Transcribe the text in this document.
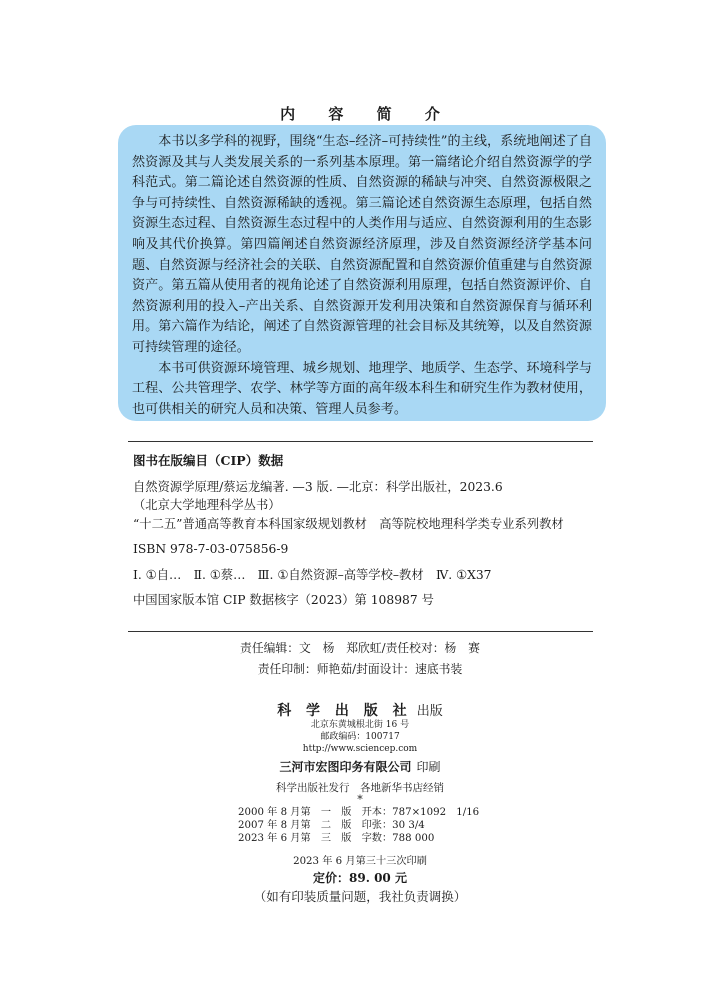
内 容 简 介

本书以多学科的视野，围绕“生态–经济–可持续性”的主线，系统地阐述了自然资源及其与人类发展关系的一系列基本原理。第一篇绪论介绍自然资源学的学科范式。第二篇论述自然资源的性质、自然资源的稀缺与冲突、自然资源极限之争与可持续性、自然资源稀缺的透视。第三篇论述自然资源生态原理，包括自然资源生态过程、自然资源生态过程中的人类作用与适应、自然资源利用的生态影响及其代价换算。第四篇阐述自然资源经济原理，涉及自然资源经济学基本问题、自然资源与经济社会的关联、自然资源配置和自然资源价值重建与自然资源资产。第五篇从使用者的视角论述了自然资源利用原理，包括自然资源评价、自然资源利用的投入–产出关系、自然资源开发利用决策和自然资源保育与循环利用。第六篇作为结论，阐述了自然资源管理的社会目标及其统筹，以及自然资源可持续管理的途径。

本书可供资源环境管理、城乡规划、地理学、地质学、生态学、环境科学与工程、公共管理学、农学、林学等方面的高年级本科生和研究生作为教材使用，也可供相关的研究人员和决策、管理人员参考。

图书在版编目（CIP）数据

自然资源学原理/蔡运龙编著. —3 版. —北京：科学出版社，2023.6

（北京大学地理科学丛书）

“十二五”普通高等教育本科国家级规划教材　高等院校地理科学类专业系列教材

ISBN 978-7-03-075856-9

Ⅰ. ①自…　Ⅱ. ①蔡…　Ⅲ. ①自然资源–高等学校–教材　Ⅳ. ①X37

中国国家版本馆 CIP 数据核字（2023）第 108987 号

责任编辑：文　杨　郑欣虹/责任校对：杨　赛
责任印制：师艳茹/封面设计：速底书装
科 学 出 版 社 出版
北京东黄城根北街 16 号
邮政编码：100717
http://www.sciencep.com
三河市宏图印务有限公司 印刷
科学出版社发行　各地新华书店经销
*
2000 年 8 月第　一　版　开本：787×1092　1/16
2007 年 8 月第　二　版　印张：30 3/4
2023 年 6 月第　三　版　字数：788 000
2023 年 6 月第三十三次印刷
定价：89. 00 元
（如有印装质量问题，我社负责调换）
